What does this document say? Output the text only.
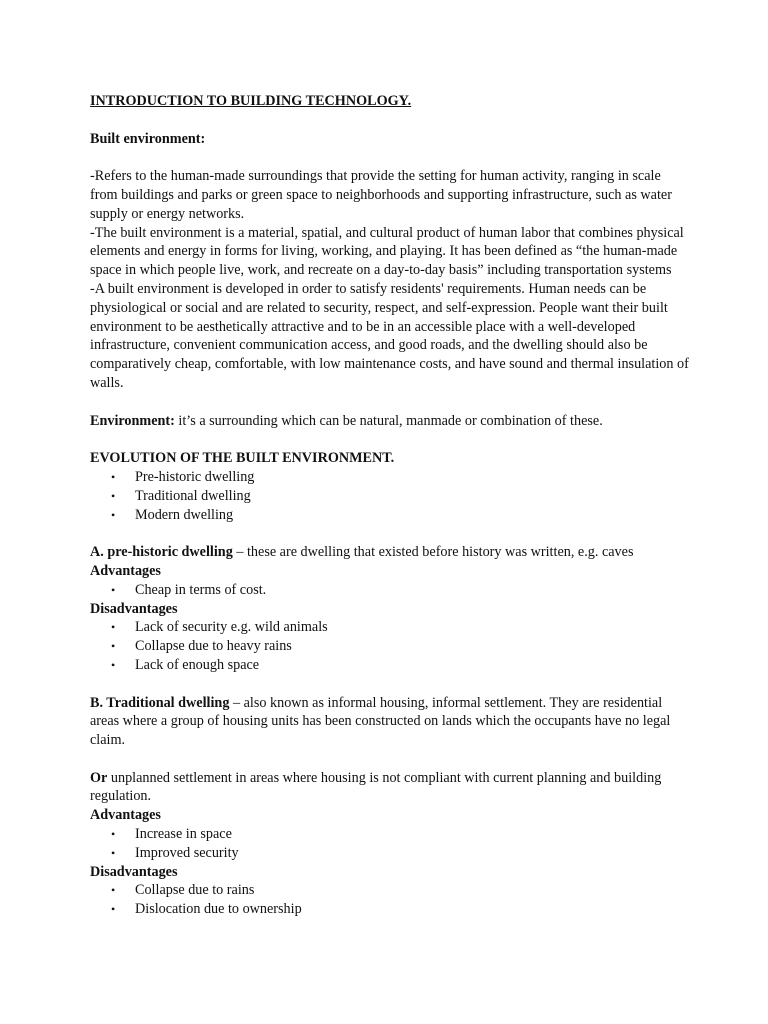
INTRODUCTION TO BUILDING TECHNOLOGY.

Built environment:

-Refers to the human-made surroundings that provide the setting for human activity, ranging in scale from buildings and parks or green space to neighborhoods and supporting infrastructure, such as water supply or energy networks.

-The built environment is a material, spatial, and cultural product of human labor that combines physical elements and energy in forms for living, working, and playing. It has been defined as “the human-made space in which people live, work, and recreate on a day-to-day basis” including transportation systems

-A built environment is developed in order to satisfy residents' requirements. Human needs can be physiological or social and are related to security, respect, and self-expression. People want their built environment to be aesthetically attractive and to be in an accessible place with a well-developed infrastructure, convenient communication access, and good roads, and the dwelling should also be comparatively cheap, comfortable, with low maintenance costs, and have sound and thermal insulation of walls.

Environment: it’s a surrounding which can be natural, manmade or combination of these.

EVOLUTION OF THE BUILT ENVIRONMENT.

• Pre-historic dwelling
• Traditional dwelling
• Modern dwelling

A. pre-historic dwelling – these are dwelling that existed before history was written, e.g. caves

Advantages

• Cheap in terms of cost.

Disadvantages

• Lack of security e.g. wild animals
• Collapse due to heavy rains
• Lack of enough space

B. Traditional dwelling – also known as informal housing, informal settlement. They are residential areas where a group of housing units has been constructed on lands which the occupants have no legal claim.

Or unplanned settlement in areas where housing is not compliant with current planning and building regulation.

Advantages

• Increase in space
• Improved security

Disadvantages

• Collapse due to rains
• Dislocation due to ownership
